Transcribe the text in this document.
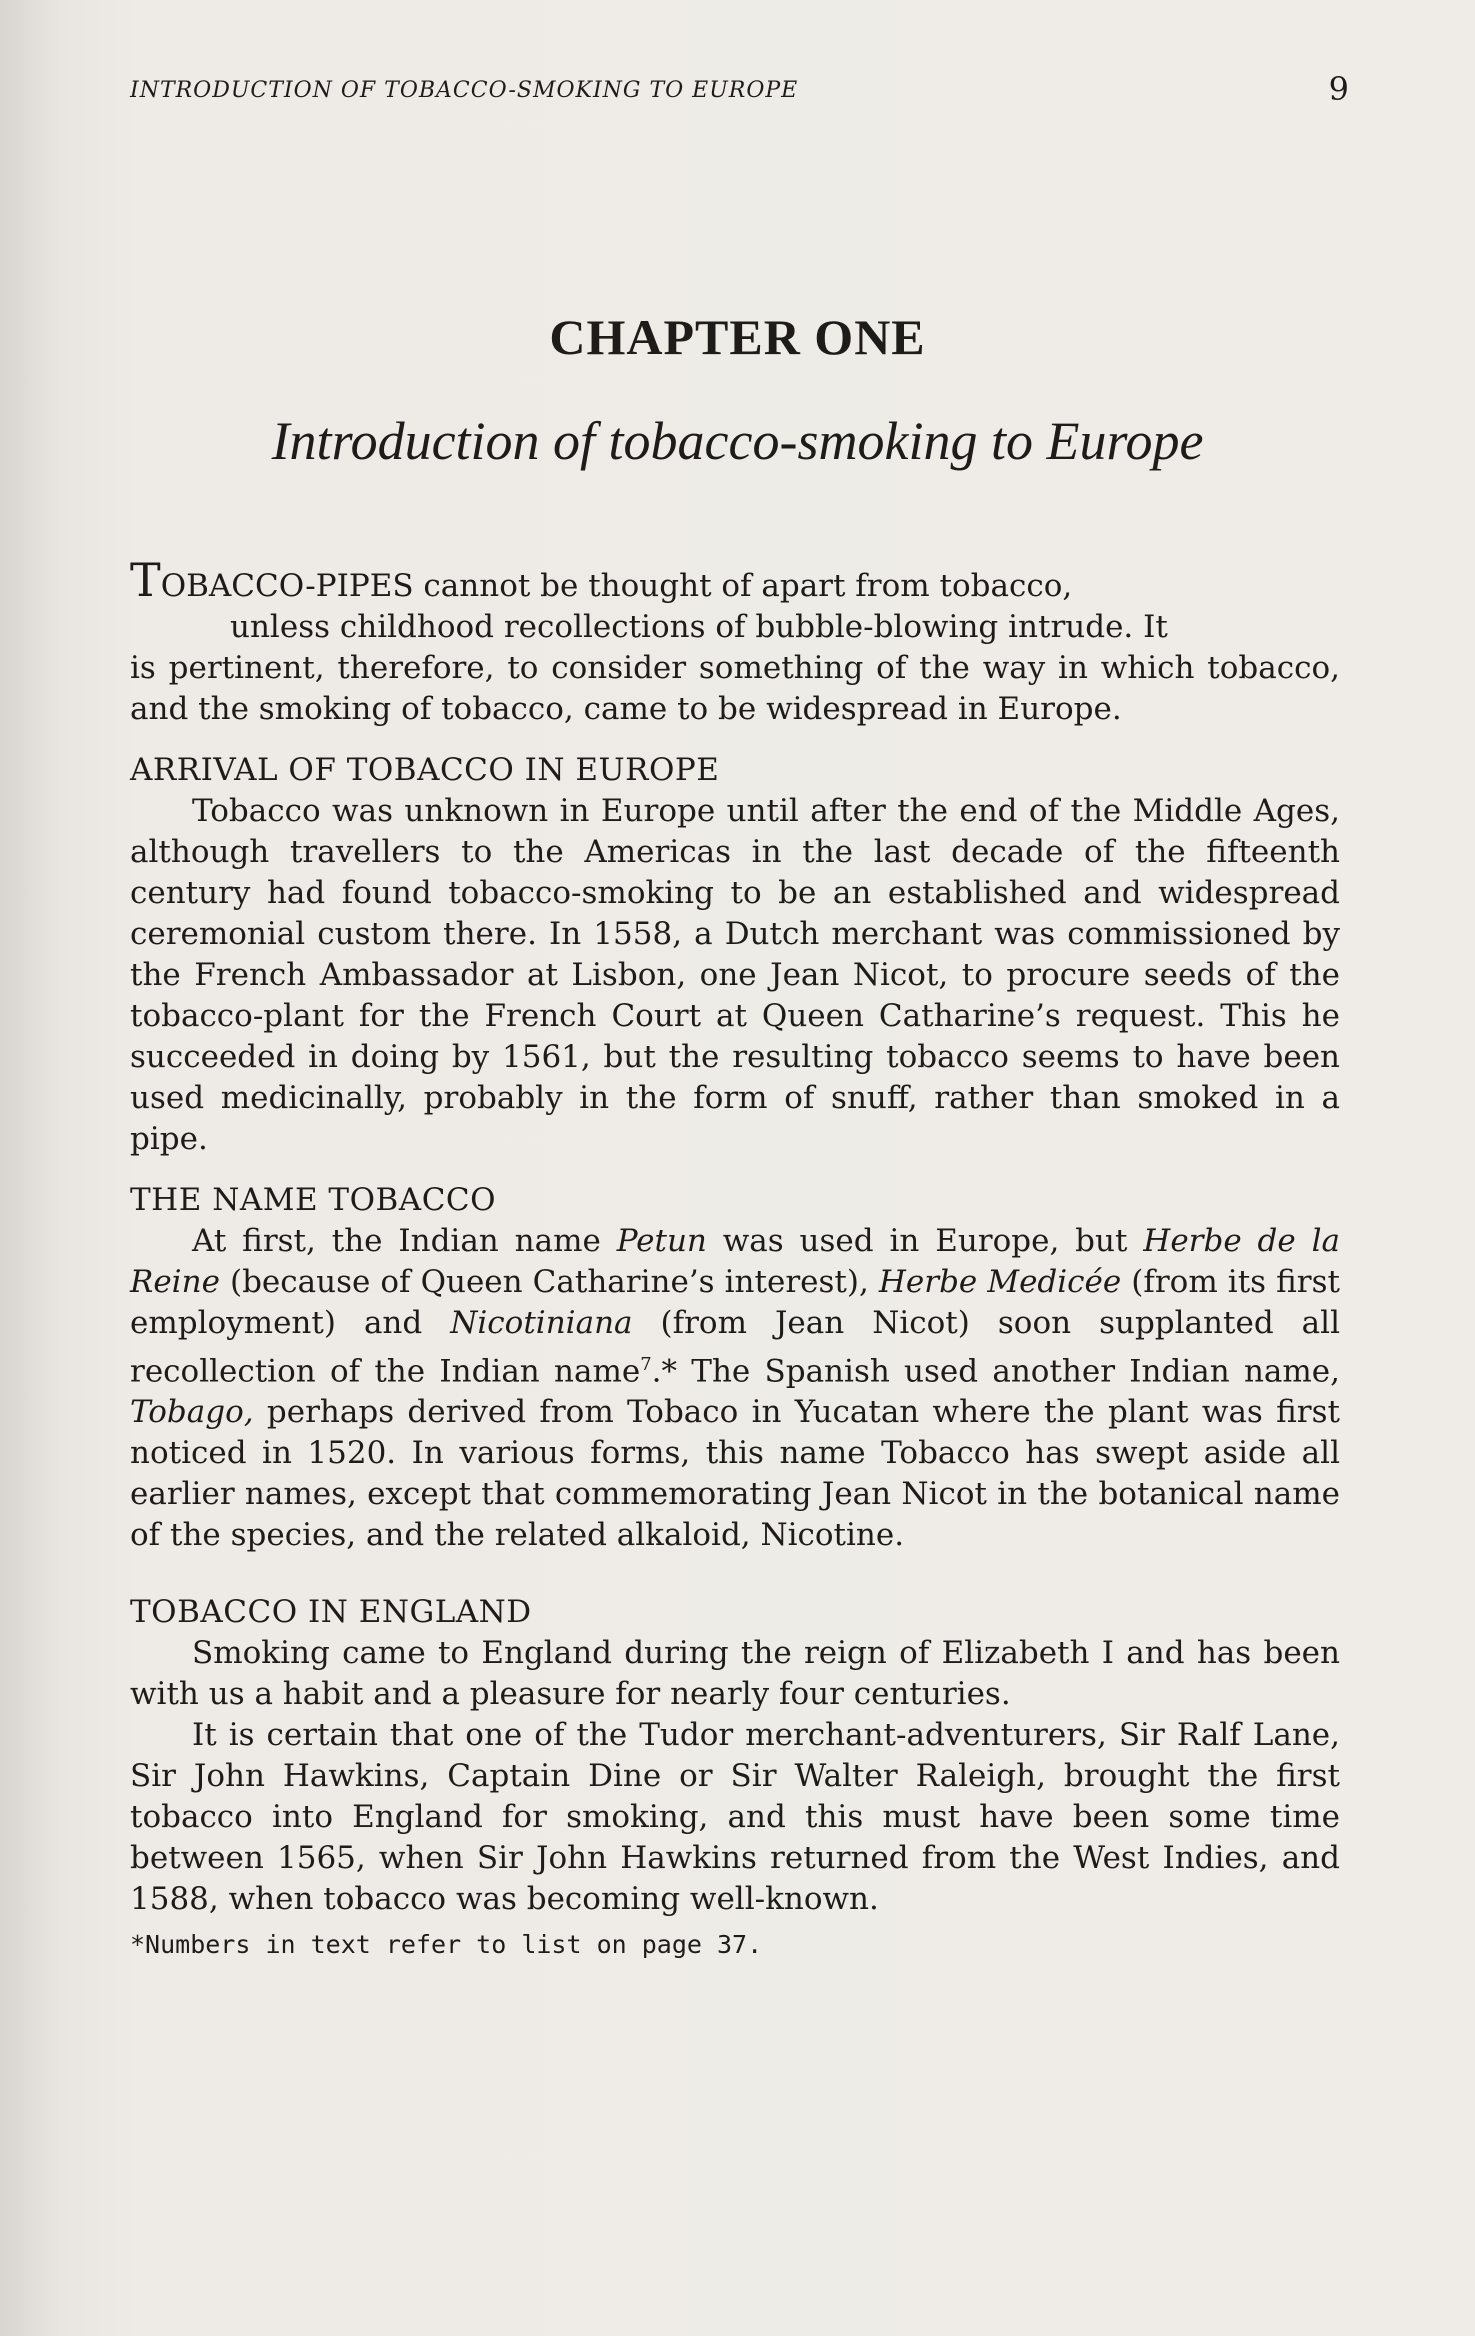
INTRODUCTION OF TOBACCO-SMOKING TO EUROPE	9
CHAPTER ONE
Introduction of tobacco-smoking to Europe

TOBACCO-PIPES cannot be thought of apart from tobacco,

unless childhood recollections of bubble-blowing intrude. It

is pertinent, therefore, to consider something of the way in which tobacco, and the smoking of tobacco, came to be widespread in Europe.

ARRIVAL OF TOBACCO IN EUROPE

Tobacco was unknown in Europe until after the end of the Middle Ages, although travellers to the Americas in the last decade of the fifteenth century had found tobacco-smoking to be an established and widespread ceremonial custom there. In 1558, a Dutch merchant was commissioned by the French Ambassador at Lisbon, one Jean Nicot, to procure seeds of the tobacco-plant for the French Court at Queen Catharine’s request. This he succeeded in doing by 1561, but the resulting tobacco seems to have been used medicinally, probably in the form of snuff, rather than smoked in a pipe.

THE NAME TOBACCO

At first, the Indian name Petun was used in Europe, but Herbe de la Reine (because of Queen Catharine’s interest), Herbe Medicée (from its first employment) and Nicotiniana (from Jean Nicot) soon supplanted all recollection of the Indian name$^7$.* The Spanish used another Indian name, Tobago, perhaps derived from Tobaco in Yucatan where the plant was first noticed in 1520. In various forms, this name Tobacco has swept aside all earlier names, except that commemorating Jean Nicot in the botanical name of the species, and the related alkaloid, Nicotine.

TOBACCO IN ENGLAND

Smoking came to England during the reign of Elizabeth I and has been with us a habit and a pleasure for nearly four centuries.

It is certain that one of the Tudor merchant-adventurers, Sir Ralf Lane, Sir John Hawkins, Captain Dine or Sir Walter Raleigh, brought the first tobacco into England for smoking, and this must have been some time between 1565, when Sir John Hawkins returned from the West Indies, and 1588, when tobacco was becoming well-known.

*Numbers in text refer to list on page 37.
